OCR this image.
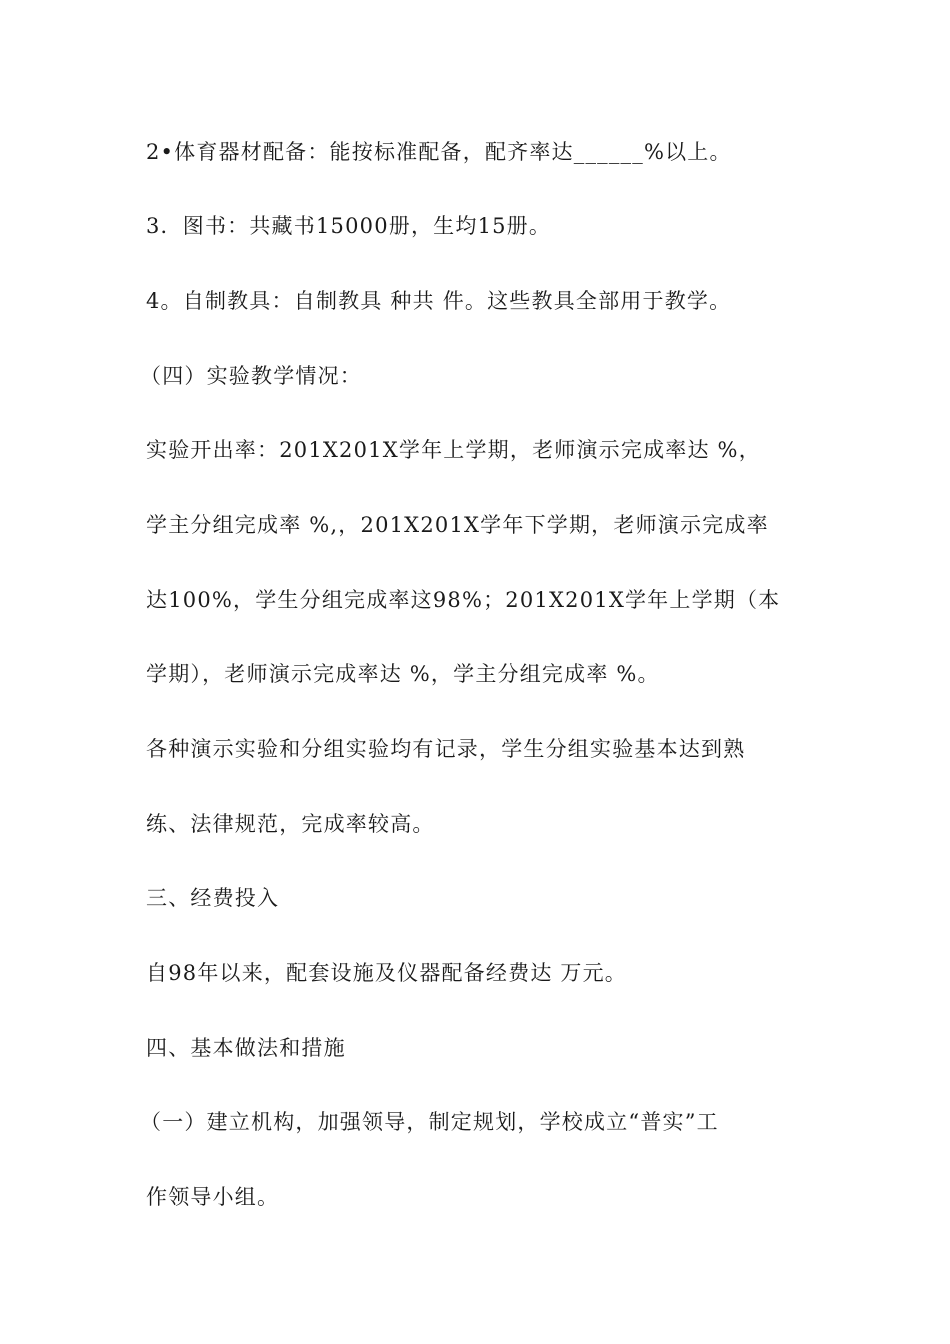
2•体育器材配备：能按标准配备，配齐率达______%以上。
3．图书：共藏书15000册，生均15册。
4。自制教具：自制教具 种共 件。这些教具全部用于教学。
（四）实验教学情况：
实验开出率：201X201X学年上学期，老师演示完成率达 %，
学主分组完成率 %,，201X201X学年下学期，老师演示完成率
达100%，学生分组完成率这98%；201X201X学年上学期（本
学期），老师演示完成率达 %，学主分组完成率 %。
各种演示实验和分组实验均有记录，学生分组实验基本达到熟
练、法律规范，完成率较高。
三、经费投入
自98年以来，配套设施及仪器配备经费达 万元。
四、基本做法和措施
（一）建立机构，加强领导，制定规划，学校成立“普实”工
作领导小组。
